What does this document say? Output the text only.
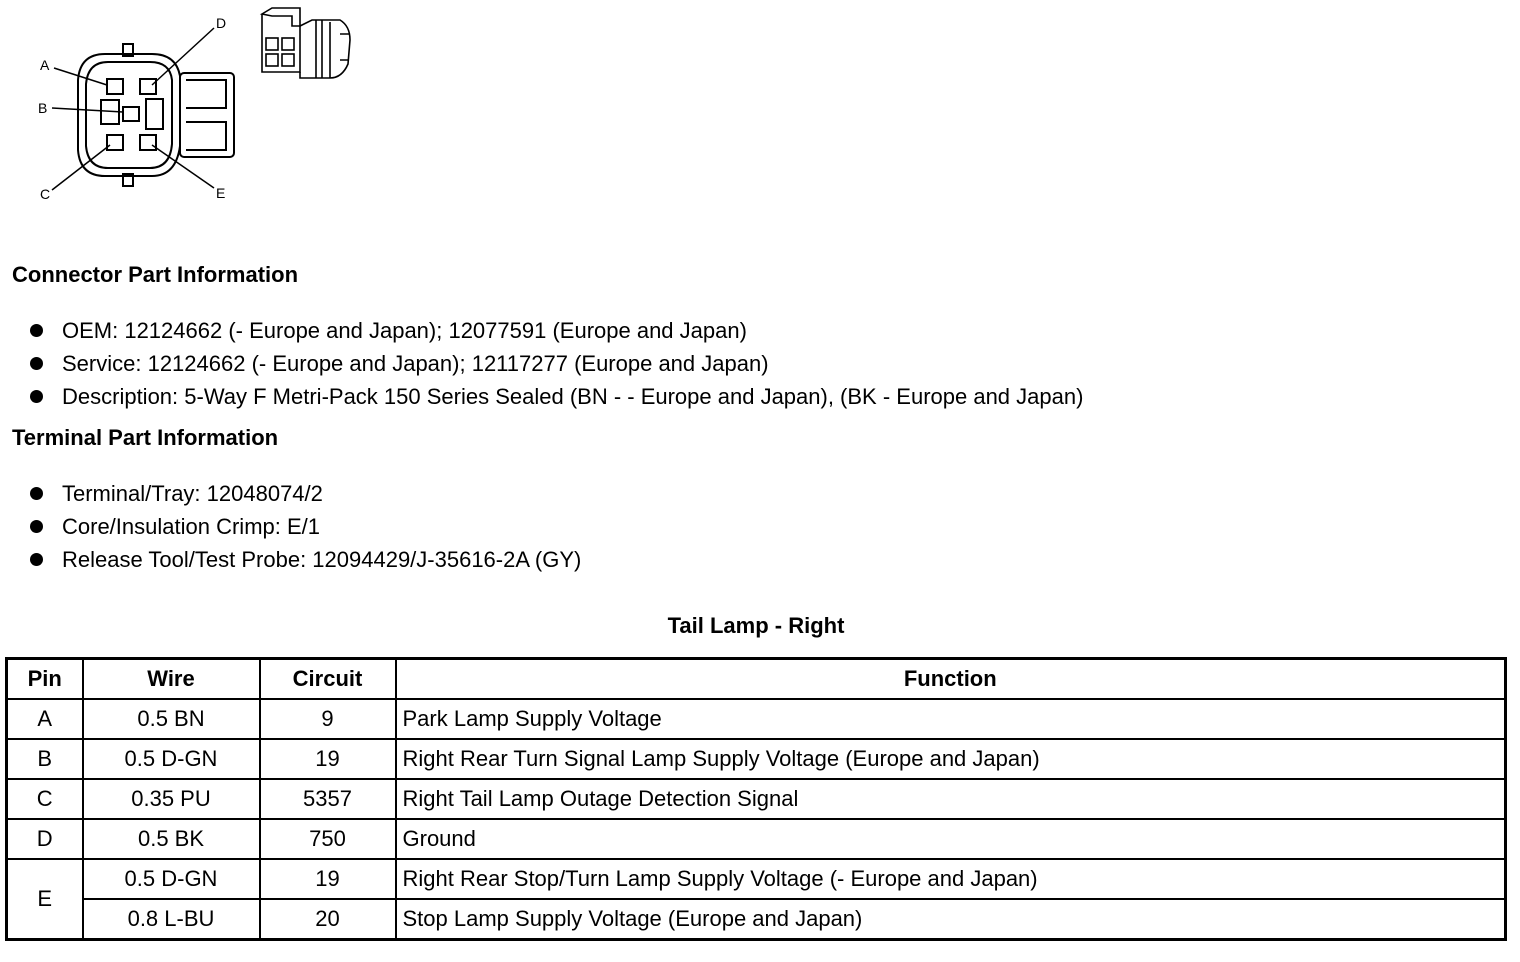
A
B
C
D
E
Connector Part Information
OEM: 12124662 (- Europe and Japan); 12077591 (Europe and Japan)
Service: 12124662 (- Europe and Japan); 12117277 (Europe and Japan)
Description: 5-Way F Metri-Pack 150 Series Sealed (BN - - Europe and Japan), (BK - Europe and Japan)
Terminal Part Information
Terminal/Tray: 12048074/2
Core/Insulation Crimp: E/1
Release Tool/Test Probe: 12094429/J-35616-2A (GY)
Tail Lamp - Right
Pin	Wire	Circuit	Function
A	0.5 BN	9	Park Lamp Supply Voltage
B	0.5 D-GN	19	Right Rear Turn Signal Lamp Supply Voltage (Europe and Japan)
C	0.35 PU	5357	Right Tail Lamp Outage Detection Signal
D	0.5 BK	750	Ground
E	0.5 D-GN	19	Right Rear Stop/Turn Lamp Supply Voltage (- Europe and Japan)
	0.8 L-BU	20	Stop Lamp Supply Voltage (Europe and Japan)
